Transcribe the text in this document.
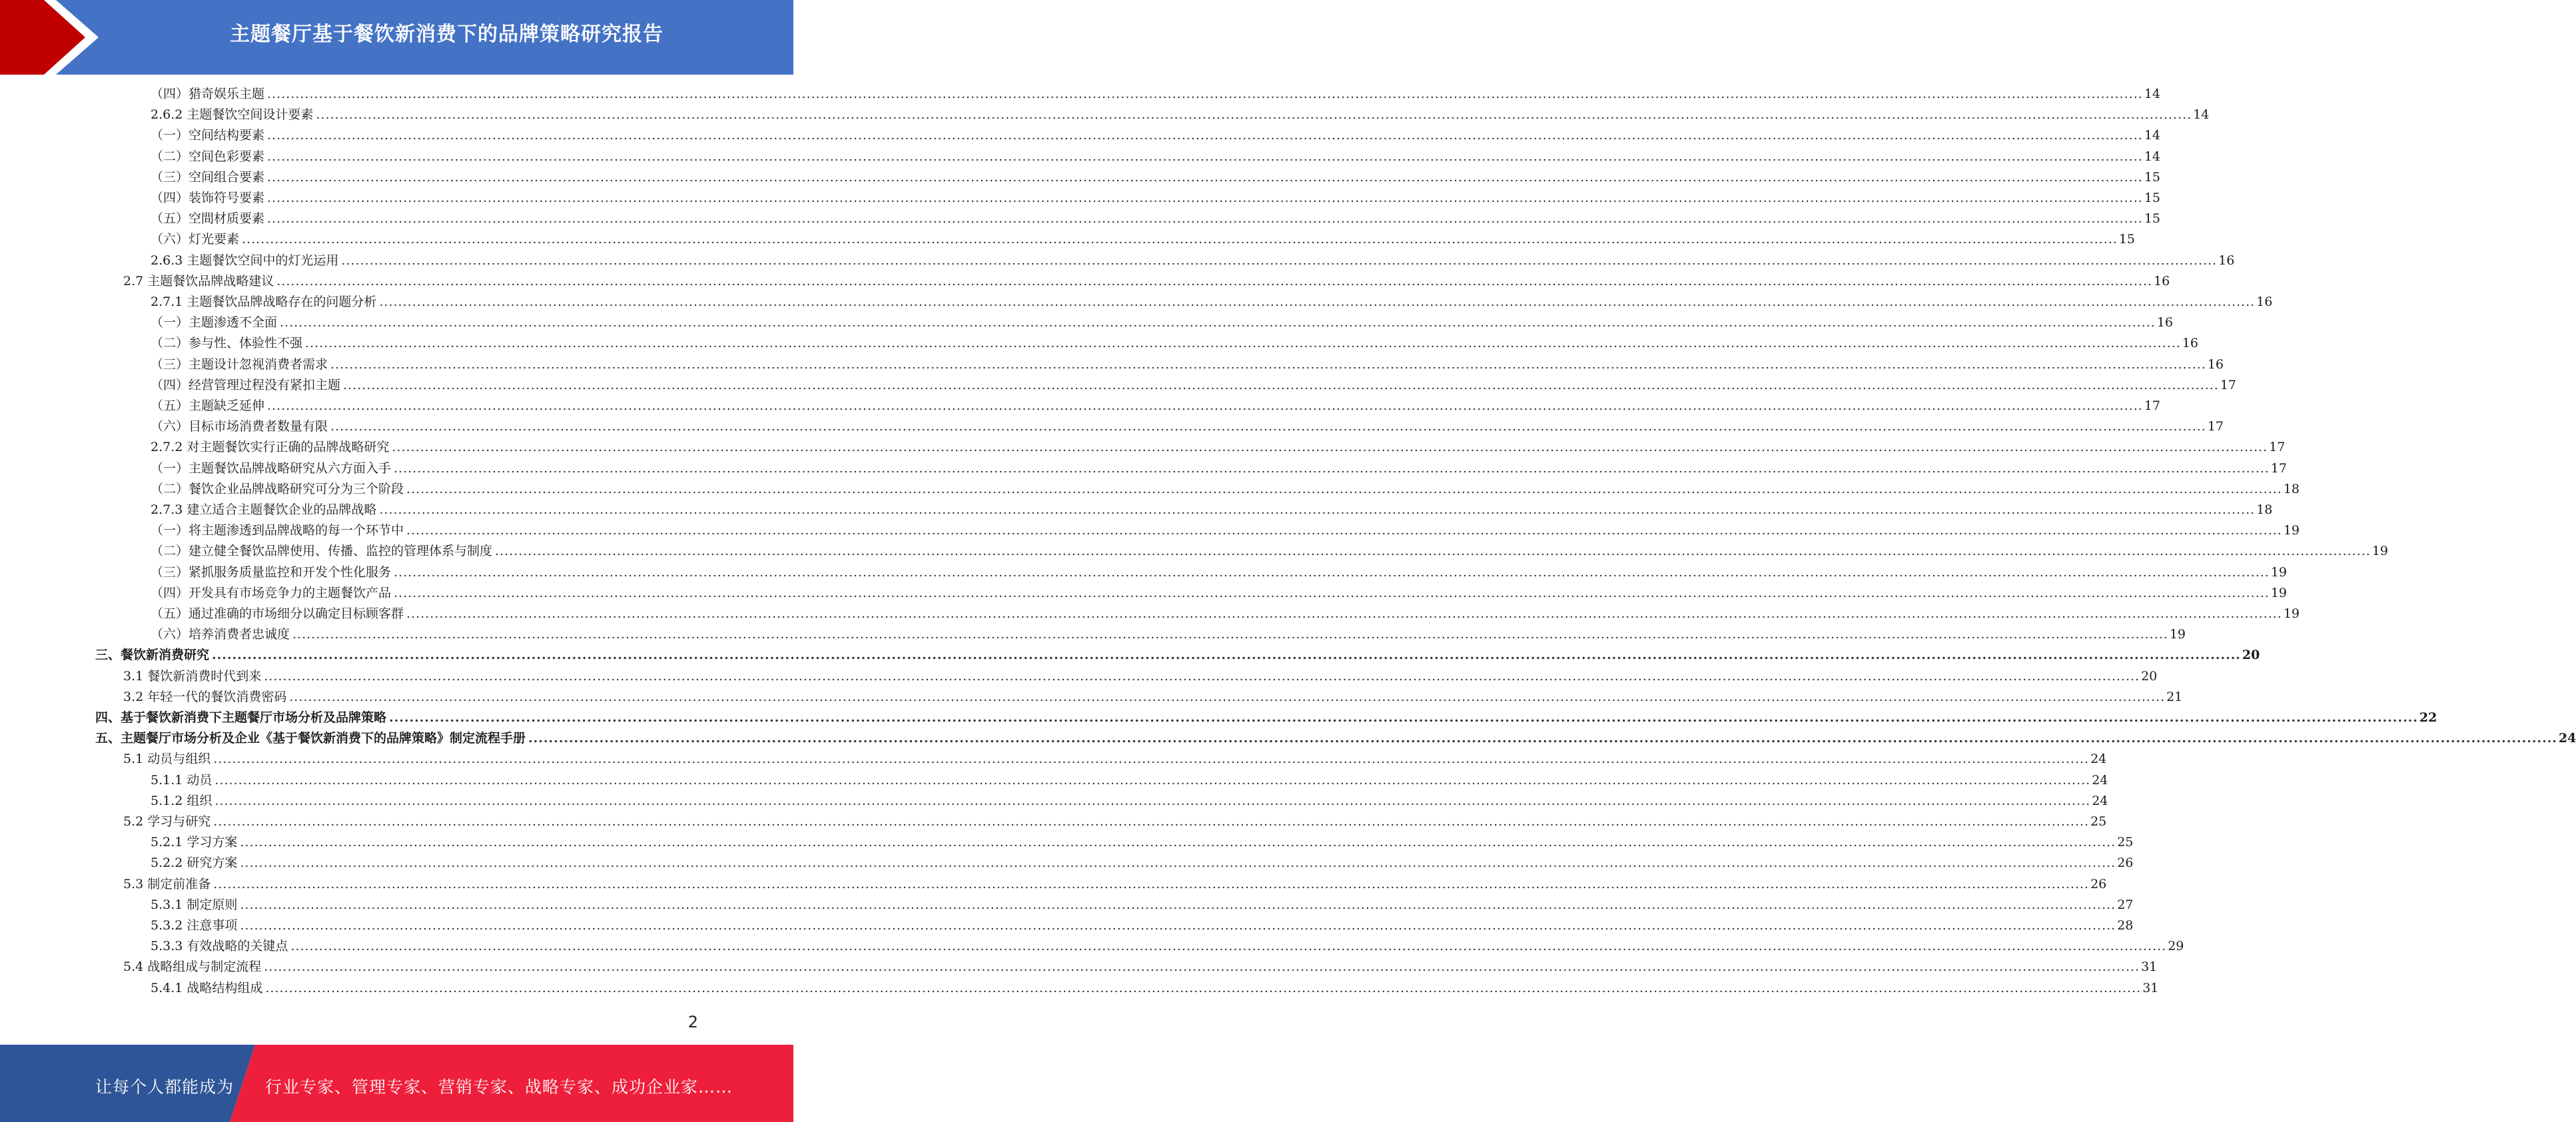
主题餐厅基于餐饮新消费下的品牌策略研究报告
（四）猎奇娱乐主题 ................................................................................................................................................................................................................................................................................................................................................................................................................ 14
2.6.2 主题餐饮空间设计要素 ................................................................................................................................................................................................................................................................................................................................................................................................................ 14
（一）空间结构要素 ................................................................................................................................................................................................................................................................................................................................................................................................................ 14
（二）空间色彩要素 ................................................................................................................................................................................................................................................................................................................................................................................................................ 14
（三）空间组合要素 ................................................................................................................................................................................................................................................................................................................................................................................................................ 15
（四）装饰符号要素 ................................................................................................................................................................................................................................................................................................................................................................................................................ 15
（五）空間材质要素 ................................................................................................................................................................................................................................................................................................................................................................................................................ 15
（六）灯光要素 ................................................................................................................................................................................................................................................................................................................................................................................................................ 15
2.6.3 主题餐饮空间中的灯光运用 ................................................................................................................................................................................................................................................................................................................................................................................................................ 16
2.7 主题餐饮品牌战略建议 ................................................................................................................................................................................................................................................................................................................................................................................................................ 16
2.7.1 主题餐饮品牌战略存在的问题分析 ................................................................................................................................................................................................................................................................................................................................................................................................................ 16
（一）主题渗透不全面 ................................................................................................................................................................................................................................................................................................................................................................................................................ 16
（二）参与性、体验性不强 ................................................................................................................................................................................................................................................................................................................................................................................................................ 16
（三）主题设计忽视消费者需求 ................................................................................................................................................................................................................................................................................................................................................................................................................ 16
（四）经营管理过程没有紧扣主题 ................................................................................................................................................................................................................................................................................................................................................................................................................ 17
（五）主题缺乏延伸 ................................................................................................................................................................................................................................................................................................................................................................................................................ 17
（六）目标市场消费者数量有限 ................................................................................................................................................................................................................................................................................................................................................................................................................ 17
2.7.2 对主题餐饮实行正确的品牌战略研究 ................................................................................................................................................................................................................................................................................................................................................................................................................ 17
（一）主题餐饮品牌战略研究从六方面入手 ................................................................................................................................................................................................................................................................................................................................................................................................................ 17
（二）餐饮企业品牌战略研究可分为三个阶段 ................................................................................................................................................................................................................................................................................................................................................................................................................ 18
2.7.3 建立适合主题餐饮企业的品牌战略 ................................................................................................................................................................................................................................................................................................................................................................................................................ 18
（一）将主题渗透到品牌战略的每一个环节中 ................................................................................................................................................................................................................................................................................................................................................................................................................ 19
（二）建立健全餐饮品牌使用、传播、监控的管理体系与制度 ................................................................................................................................................................................................................................................................................................................................................................................................................ 19
（三）紧抓服务质量监控和开发个性化服务 ................................................................................................................................................................................................................................................................................................................................................................................................................ 19
（四）开发具有市场竞争力的主题餐饮产品 ................................................................................................................................................................................................................................................................................................................................................................................................................ 19
（五）通过准确的市场细分以确定目标顾客群 ................................................................................................................................................................................................................................................................................................................................................................................................................ 19
（六）培养消费者忠诚度 ................................................................................................................................................................................................................................................................................................................................................................................................................ 19
三、餐饮新消费研究 ................................................................................................................................................................................................................................................................................................................................................................................................................ 20
3.1 餐饮新消费时代到来 ................................................................................................................................................................................................................................................................................................................................................................................................................ 20
3.2 年轻一代的餐饮消费密码 ................................................................................................................................................................................................................................................................................................................................................................................................................ 21
四、基于餐饮新消费下主题餐厅市场分析及品牌策略 ................................................................................................................................................................................................................................................................................................................................................................................................................ 22
五、主题餐厅市场分析及企业《基于餐饮新消费下的品牌策略》制定流程手册 ................................................................................................................................................................................................................................................................................................................................................................................................................ 24
5.1 动员与组织 ................................................................................................................................................................................................................................................................................................................................................................................................................ 24
5.1.1 动员 ................................................................................................................................................................................................................................................................................................................................................................................................................ 24
5.1.2 组织 ................................................................................................................................................................................................................................................................................................................................................................................................................ 24
5.2 学习与研究 ................................................................................................................................................................................................................................................................................................................................................................................................................ 25
5.2.1 学习方案 ................................................................................................................................................................................................................................................................................................................................................................................................................ 25
5.2.2 研究方案 ................................................................................................................................................................................................................................................................................................................................................................................................................ 26
5.3 制定前准备 ................................................................................................................................................................................................................................................................................................................................................................................................................ 26
5.3.1 制定原则 ................................................................................................................................................................................................................................................................................................................................................................................................................ 27
5.3.2 注意事项 ................................................................................................................................................................................................................................................................................................................................................................................................................ 28
5.3.3 有效战略的关键点 ................................................................................................................................................................................................................................................................................................................................................................................................................ 29
5.4 战略组成与制定流程 ................................................................................................................................................................................................................................................................................................................................................................................................................ 31
5.4.1 战略结构组成 ................................................................................................................................................................................................................................................................................................................................................................................................................ 31
2
让每个人都能成为 行业专家、管理专家、营销专家、战略专家、成功企业家……
